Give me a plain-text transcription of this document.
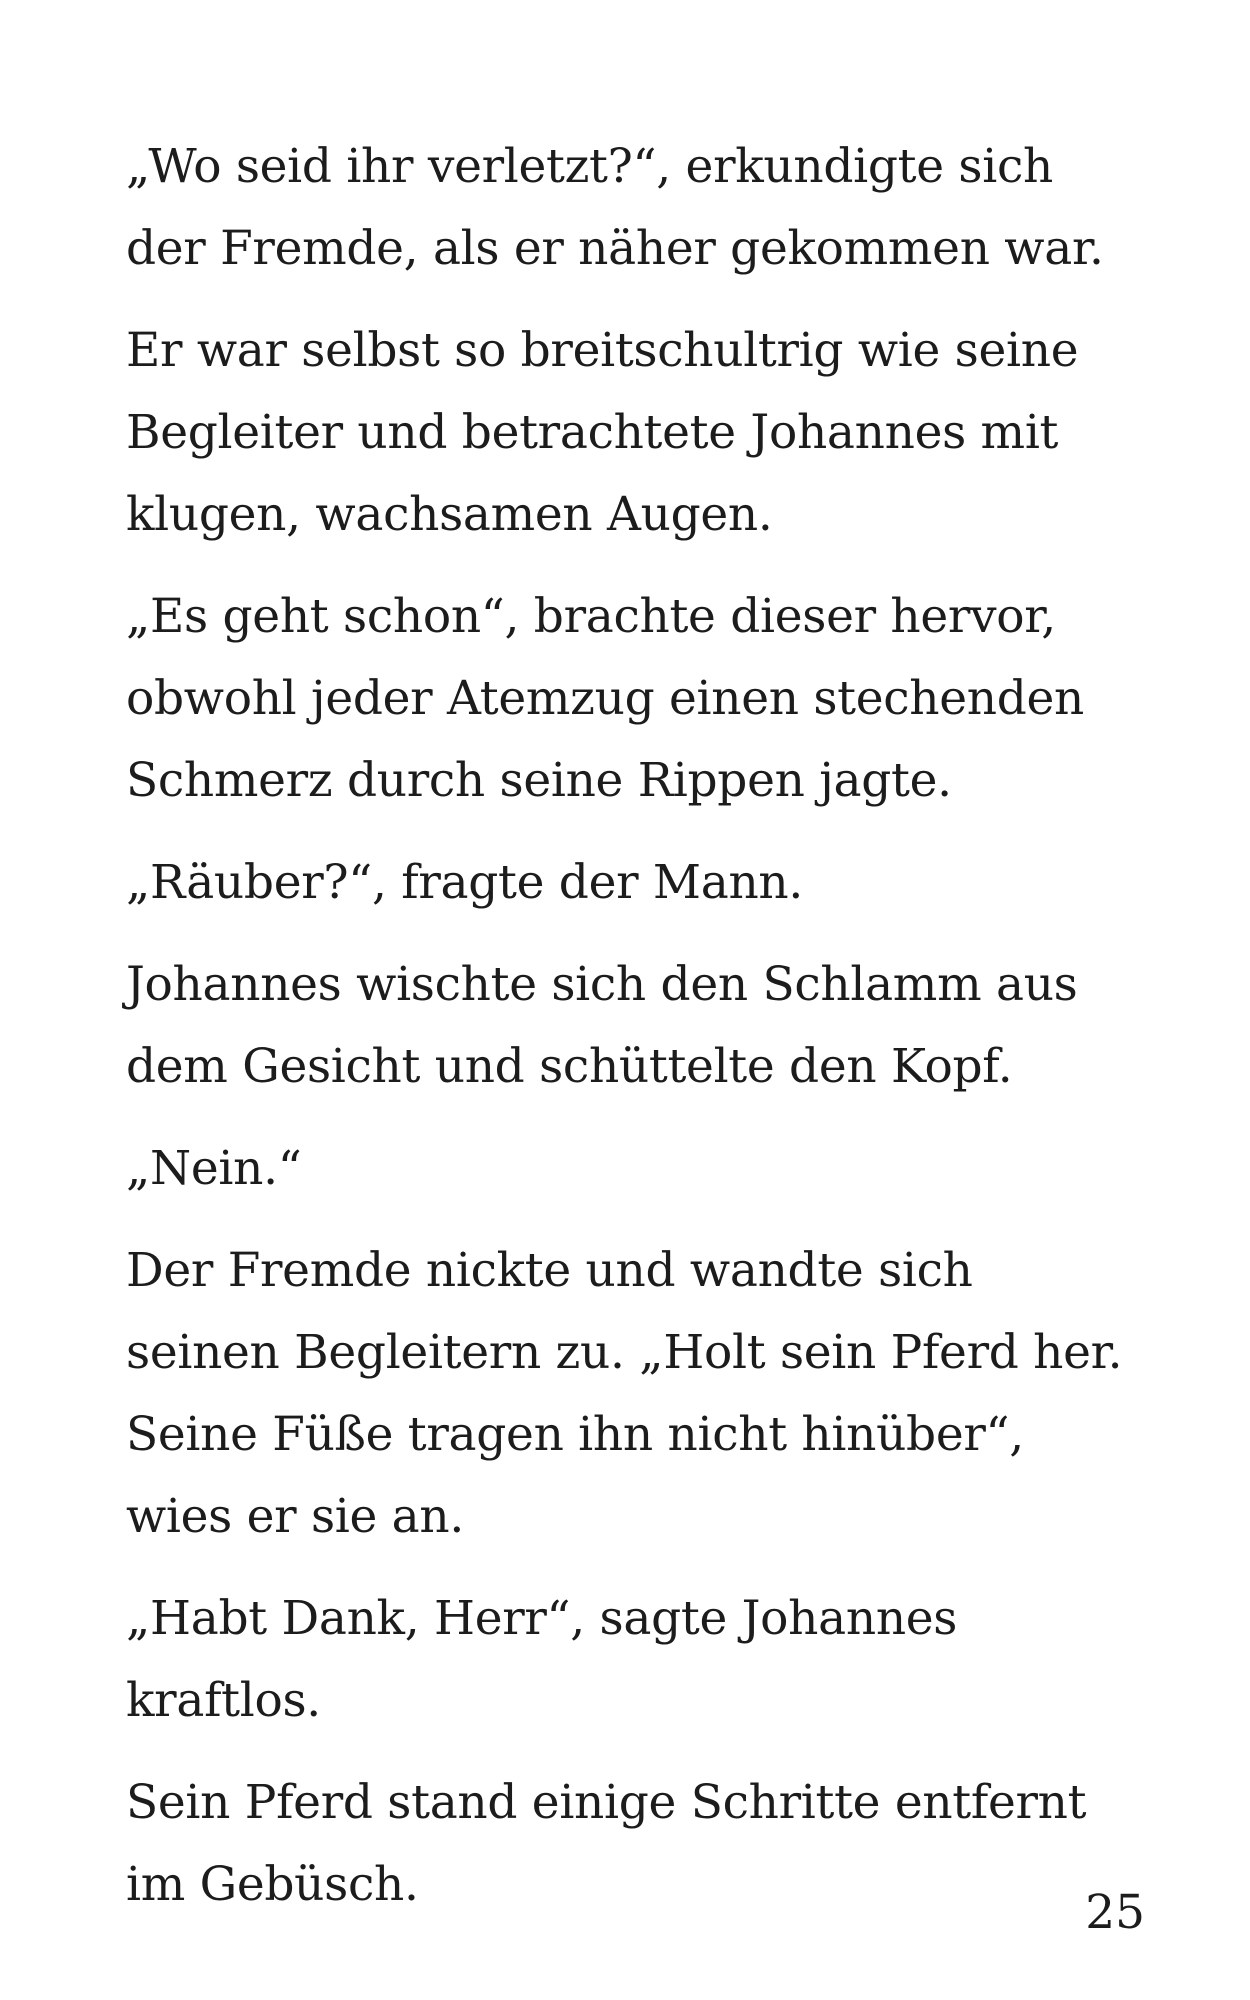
„Wo seid ihr verletzt?“, erkundigte sich
der Fremde, als er näher gekommen war.

Er war selbst so breitschultrig wie seine
Begleiter und betrachtete Johannes mit
klugen, wachsamen Augen.

„Es geht schon“, brachte dieser hervor,
obwohl jeder Atemzug einen stechenden
Schmerz durch seine Rippen jagte.

„Räuber?“, fragte der Mann.

Johannes wischte sich den Schlamm aus
dem Gesicht und schüttelte den Kopf.

„Nein.“

Der Fremde nickte und wandte sich
seinen Begleitern zu. „Holt sein Pferd her.
Seine Füße tragen ihn nicht hinüber“,
wies er sie an.

„Habt Dank, Herr“, sagte Johannes
kraftlos.

Sein Pferd stand einige Schritte entfernt
im Gebüsch.

25
